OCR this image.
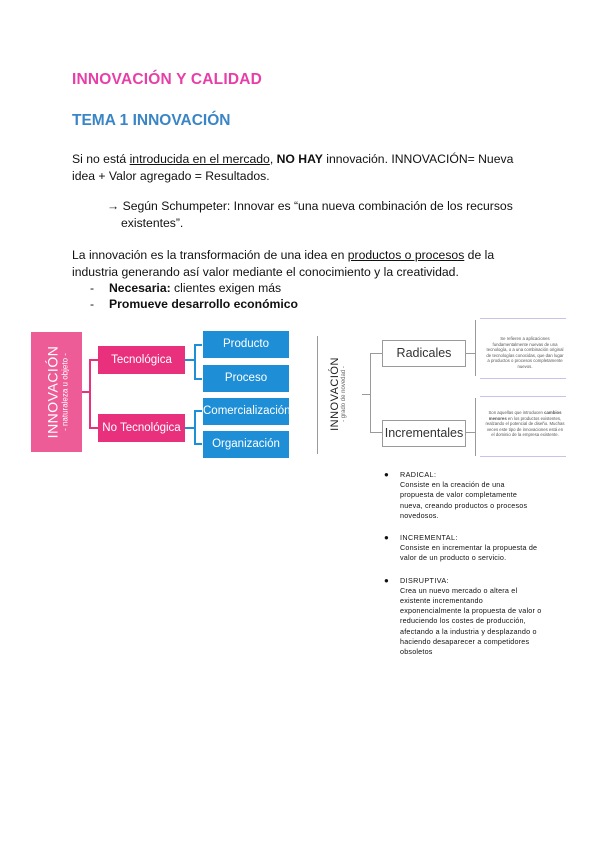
INNOVACIÓN Y CALIDAD
TEMA 1 INNOVACIÓN
Si no está introducida en el mercado, NO HAY innovación. INNOVACIÓN= Nueva
idea + Valor agregado = Resultados.
→ Según Schumpeter: Innovar es “una nueva combinación de los recursos
existentes”.
La innovación es la transformación de una idea en productos o procesos de la
industria generando así valor mediante el conocimiento y la creatividad.
- Necesaria: clientes exigen más
- Promueve desarrollo económico
INNOVACIÓN - naturaleza u objeto -	Tecnológica
No Tecnológica
Producto
Proceso
Comercialización
Organización
INNOVACIÓN - grado de novedad -
Radicales
Incrementales
Se refieren a aplicaciones fundamentalmente nuevas de una tecnología, o a una combinación original de tecnologías conocidas, que dan lugar a productos o procesos completamente nuevos.
Son aquellas que introducen cambios menores en los productos existentes, realzando el potencial de diseño. Muchas veces este tipo de innovaciones está en el dominio de la empresa existente.
● RADICAL:
Consiste en la creación de una propuesta de valor completamente nueva, creando productos o procesos novedosos.
● INCREMENTAL:
Consiste en incrementar la propuesta de valor de un producto o servicio.
● DISRUPTIVA:
Crea un nuevo mercado o altera el existente incrementando exponencialmente la propuesta de valor o reduciendo los costes de producción, afectando a la industria y desplazando o haciendo desaparecer a competidores obsoletos
